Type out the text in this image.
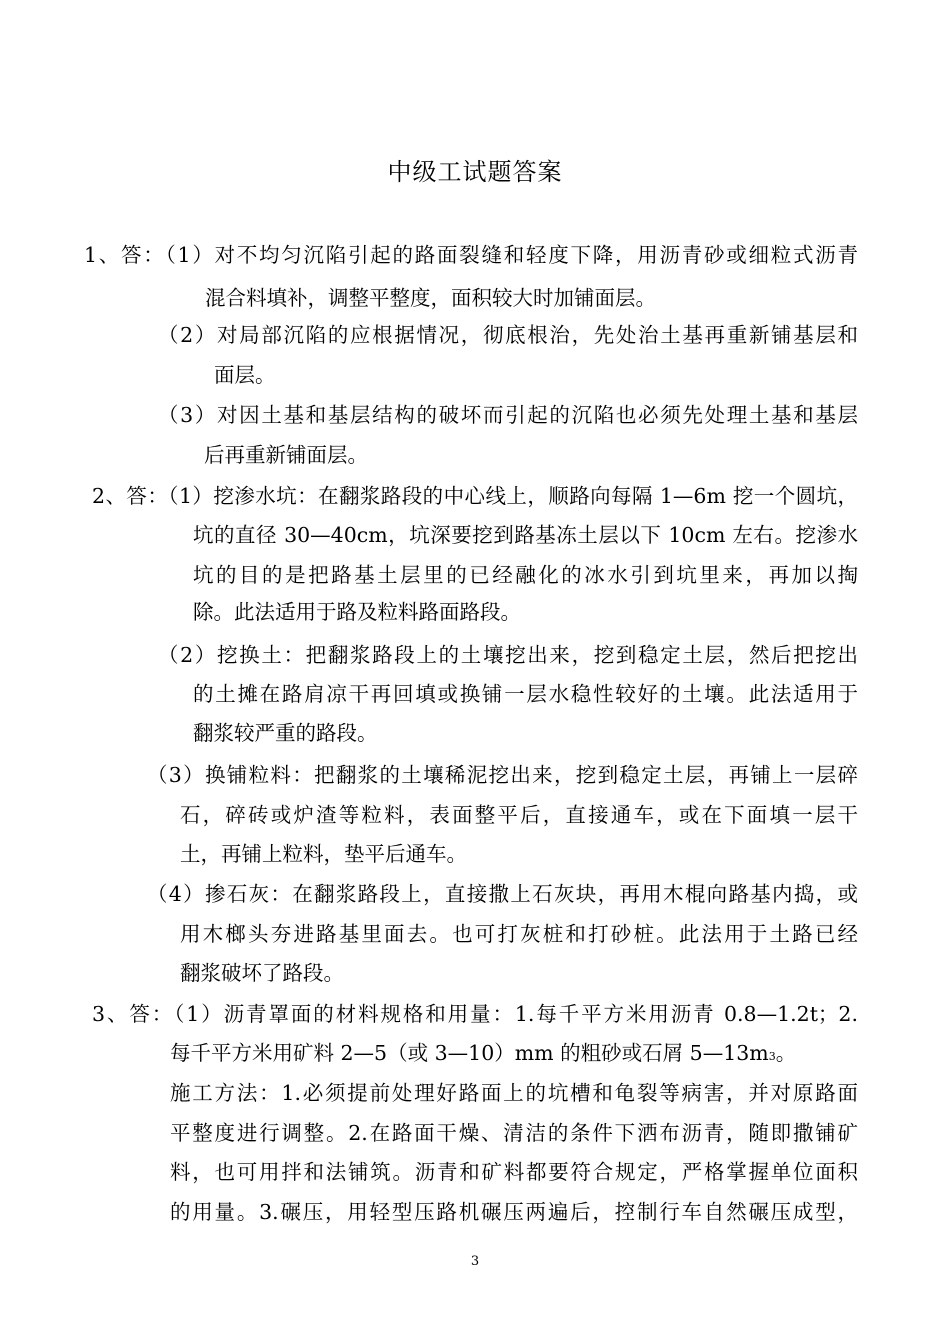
中级工试题答案
1、答：（1）对不均匀沉陷引起的路面裂缝和轻度下降，用沥青砂或细粒式沥青
混合料填补，调整平整度，面积较大时加铺面层。
（2）对局部沉陷的应根据情况，彻底根治，先处治土基再重新铺基层和
面层。
（3）对因土基和基层结构的破坏而引起的沉陷也必须先处理土基和基层
后再重新铺面层。
2、答：（1）挖渗水坑：在翻浆路段的中心线上，顺路向每隔 1—6m 挖一个圆坑，
坑的直径 30—40cm，坑深要挖到路基冻土层以下 10cm 左右。挖渗水
坑的目的是把路基土层里的已经融化的冰水引到坑里来，再加以掏
除。此法适用于路及粒料路面路段。
（2）挖换土：把翻浆路段上的土壤挖出来，挖到稳定土层，然后把挖出
的土摊在路肩凉干再回填或换铺一层水稳性较好的土壤。此法适用于
翻浆较严重的路段。
（3）换铺粒料：把翻浆的土壤稀泥挖出来，挖到稳定土层，再铺上一层碎
石，碎砖或炉渣等粒料，表面整平后，直接通车，或在下面填一层干
土，再铺上粒料，垫平后通车。
（4）掺石灰：在翻浆路段上，直接撒上石灰块，再用木棍向路基内捣，或
用木榔头夯进路基里面去。也可打灰桩和打砂桩。此法用于土路已经
翻浆破坏了路段。
3、答：（1）沥青罩面的材料规格和用量：1.每千平方米用沥青 0.8—1.2t；2.
每千平方米用矿料 2—5（或 3—10）mm 的粗砂或石屑 5—13m3。
施工方法：1.必须提前处理好路面上的坑槽和龟裂等病害，并对原路面
平整度进行调整。2.在路面干燥、清洁的条件下洒布沥青，随即撒铺矿
料，也可用拌和法铺筑。沥青和矿料都要符合规定，严格掌握单位面积
的用量。3.碾压，用轻型压路机碾压两遍后，控制行车自然碾压成型，
3
